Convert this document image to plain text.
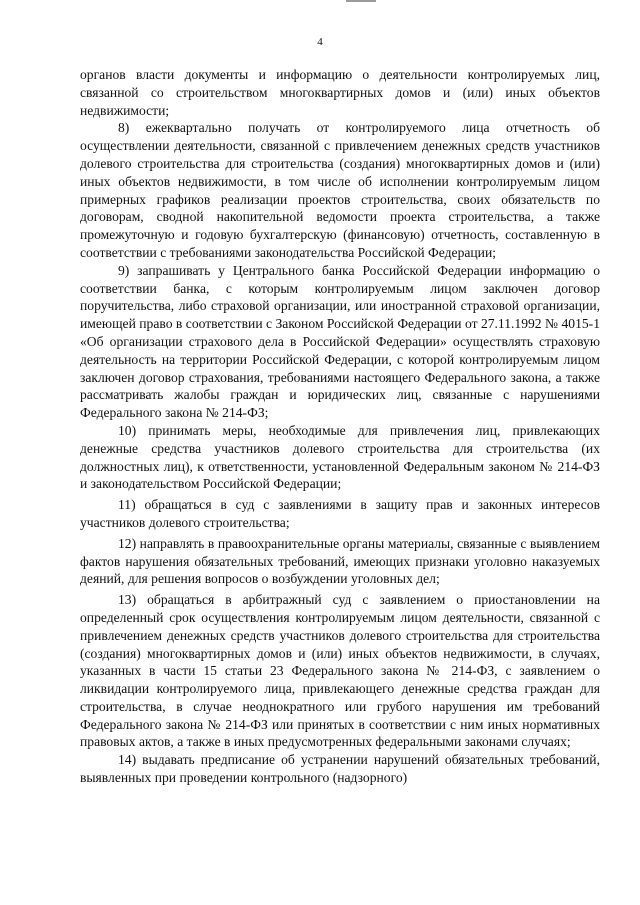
4

органов власти документы и информацию о деятельности контролируемых лиц, связанной со строительством многоквартирных домов и (или) иных объектов недвижимости;

8) ежеквартально получать от контролируемого лица отчетность об осуществлении деятельности, связанной с привлечением денежных средств участников долевого строительства для строительства (создания) многоквартирных домов и (или) иных объектов недвижимости, в том числе об исполнении контролируемым лицом примерных графиков реализации проектов строительства, своих обязательств по договорам, сводной накопительной ведомости проекта строительства, а также промежуточную и годовую бухгалтерскую (финансовую) отчетность, составленную в соответствии с требованиями законодательства Российской Федерации;

9) запрашивать у Центрального банка Российской Федерации информацию о соответствии банка, с которым контролируемым лицом заключен договор поручительства, либо страховой организации, или иностранной страховой организации, имеющей право в соответствии с Законом Российской Федерации от 27.11.1992 № 4015-1 «Об организации страхового дела в Российской Федерации» осуществлять страховую деятельность на территории Российской Федерации, с которой контролируемым лицом заключен договор страхования, требованиями настоящего Федерального закона, а также рассматривать жалобы граждан и юридических лиц, связанные с нарушениями Федерального закона № 214-ФЗ;

10) принимать меры, необходимые для привлечения лиц, привлекающих денежные средства участников долевого строительства для строительства (их должностных лиц), к ответственности, установленной Федеральным законом № 214-ФЗ и законодательством Российской Федерации;

11) обращаться в суд с заявлениями в защиту прав и законных интересов участников долевого строительства;

12) направлять в правоохранительные органы материалы, связанные с выявлением фактов нарушения обязательных требований, имеющих признаки уголовно наказуемых деяний, для решения вопросов о возбуждении уголовных дел;

13) обращаться в арбитражный суд с заявлением о приостановлении на определенный срок осуществления контролируемым лицом деятельности, связанной с привлечением денежных средств участников долевого строительства для строительства (создания) многоквартирных домов и (или) иных объектов недвижимости, в случаях, указанных в части 15 статьи 23 Федерального закона № 214-ФЗ, с заявлением о ликвидации контролируемого лица, привлекающего денежные средства граждан для строительства, в случае неоднократного или грубого нарушения им требований Федерального закона № 214-ФЗ или принятых в соответствии с ним иных нормативных правовых актов, а также в иных предусмотренных федеральными законами случаях;

14) выдавать предписание об устранении нарушений обязательных требований, выявленных при проведении контрольного (надзорного)
